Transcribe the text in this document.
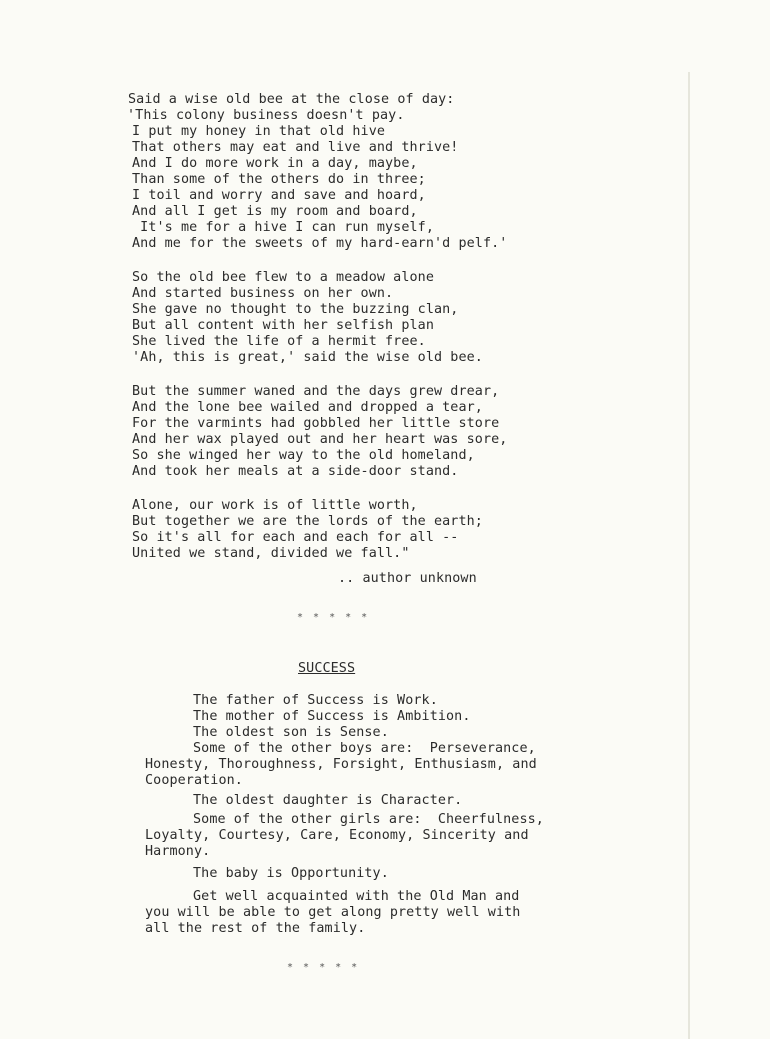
Said a wise old bee at the close of day:
'This colony business doesn't pay.
I put my honey in that old hive
That others may eat and live and thrive!
And I do more work in a day, maybe,
Than some of the others do in three;
I toil and worry and save and hoard,
And all I get is my room and board,
It's me for a hive I can run myself,
And me for the sweets of my hard-earn'd pelf.'
So the old bee flew to a meadow alone
And started business on her own.
She gave no thought to the buzzing clan,
But all content with her selfish plan
She lived the life of a hermit free.
'Ah, this is great,' said the wise old bee.
But the summer waned and the days grew drear,
And the lone bee wailed and dropped a tear,
For the varmints had gobbled her little store
And her wax played out and her heart was sore,
So she winged her way to the old homeland,
And took her meals at a side-door stand.
Alone, our work is of little worth,
But together we are the lords of the earth;
So it's all for each and each for all --
United we stand, divided we fall."
.. author unknown
* * * * *
SUCCESS
The father of Success is Work.
The mother of Success is Ambition.
The oldest son is Sense.
Some of the other boys are:  Perseverance,
Honesty, Thoroughness, Forsight, Enthusiasm, and
Cooperation.
The oldest daughter is Character.
Some of the other girls are:  Cheerfulness,
Loyalty, Courtesy, Care, Economy, Sincerity and
Harmony.
The baby is Opportunity.
Get well acquainted with the Old Man and
you will be able to get along pretty well with
all the rest of the family.
* * * * *
